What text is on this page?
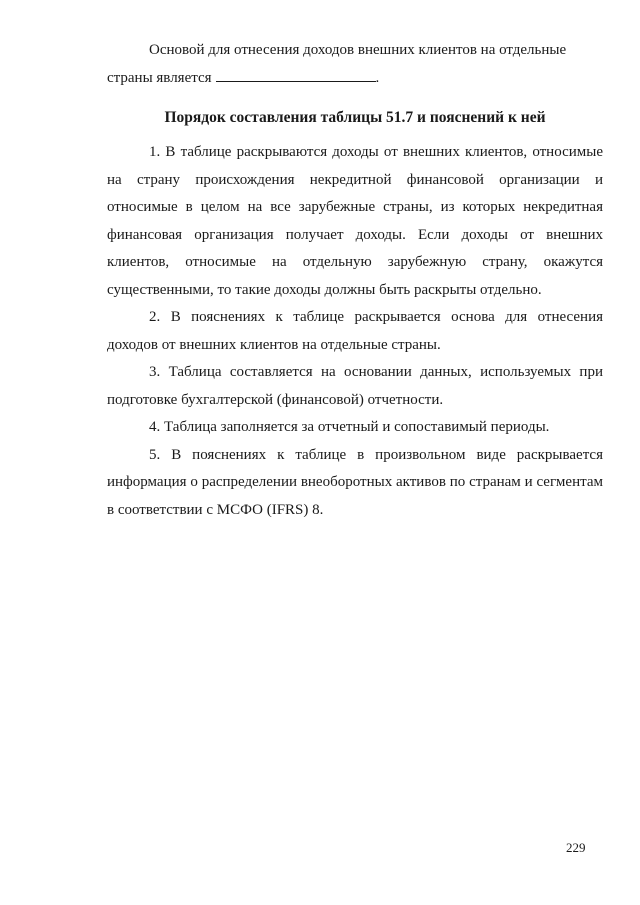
Основой для отнесения доходов внешних клиентов на отдельные
страны является	.

Порядок составления таблицы 51.7 и пояснений к ней

1. В таблице раскрываются доходы от внешних клиентов, относимые на страну происхождения некредитной финансовой организации и относимые в целом на все зарубежные страны, из которых некредитная финансовая организация получает доходы. Если доходы от внешних клиентов, относимые на отдельную зарубежную страну, окажутся существенными, то такие доходы должны быть раскрыты отдельно.

2. В пояснениях к таблице раскрывается основа для отнесения доходов от внешних клиентов на отдельные страны.

3. Таблица составляется на основании данных, используемых при подготовке бухгалтерской (финансовой) отчетности.

4. Таблица заполняется за отчетный и сопоставимый периоды.

5. В пояснениях к таблице в произвольном виде раскрывается информация о распределении внеоборотных активов по странам и сегментам в соответствии с МСФО (IFRS) 8.

229
